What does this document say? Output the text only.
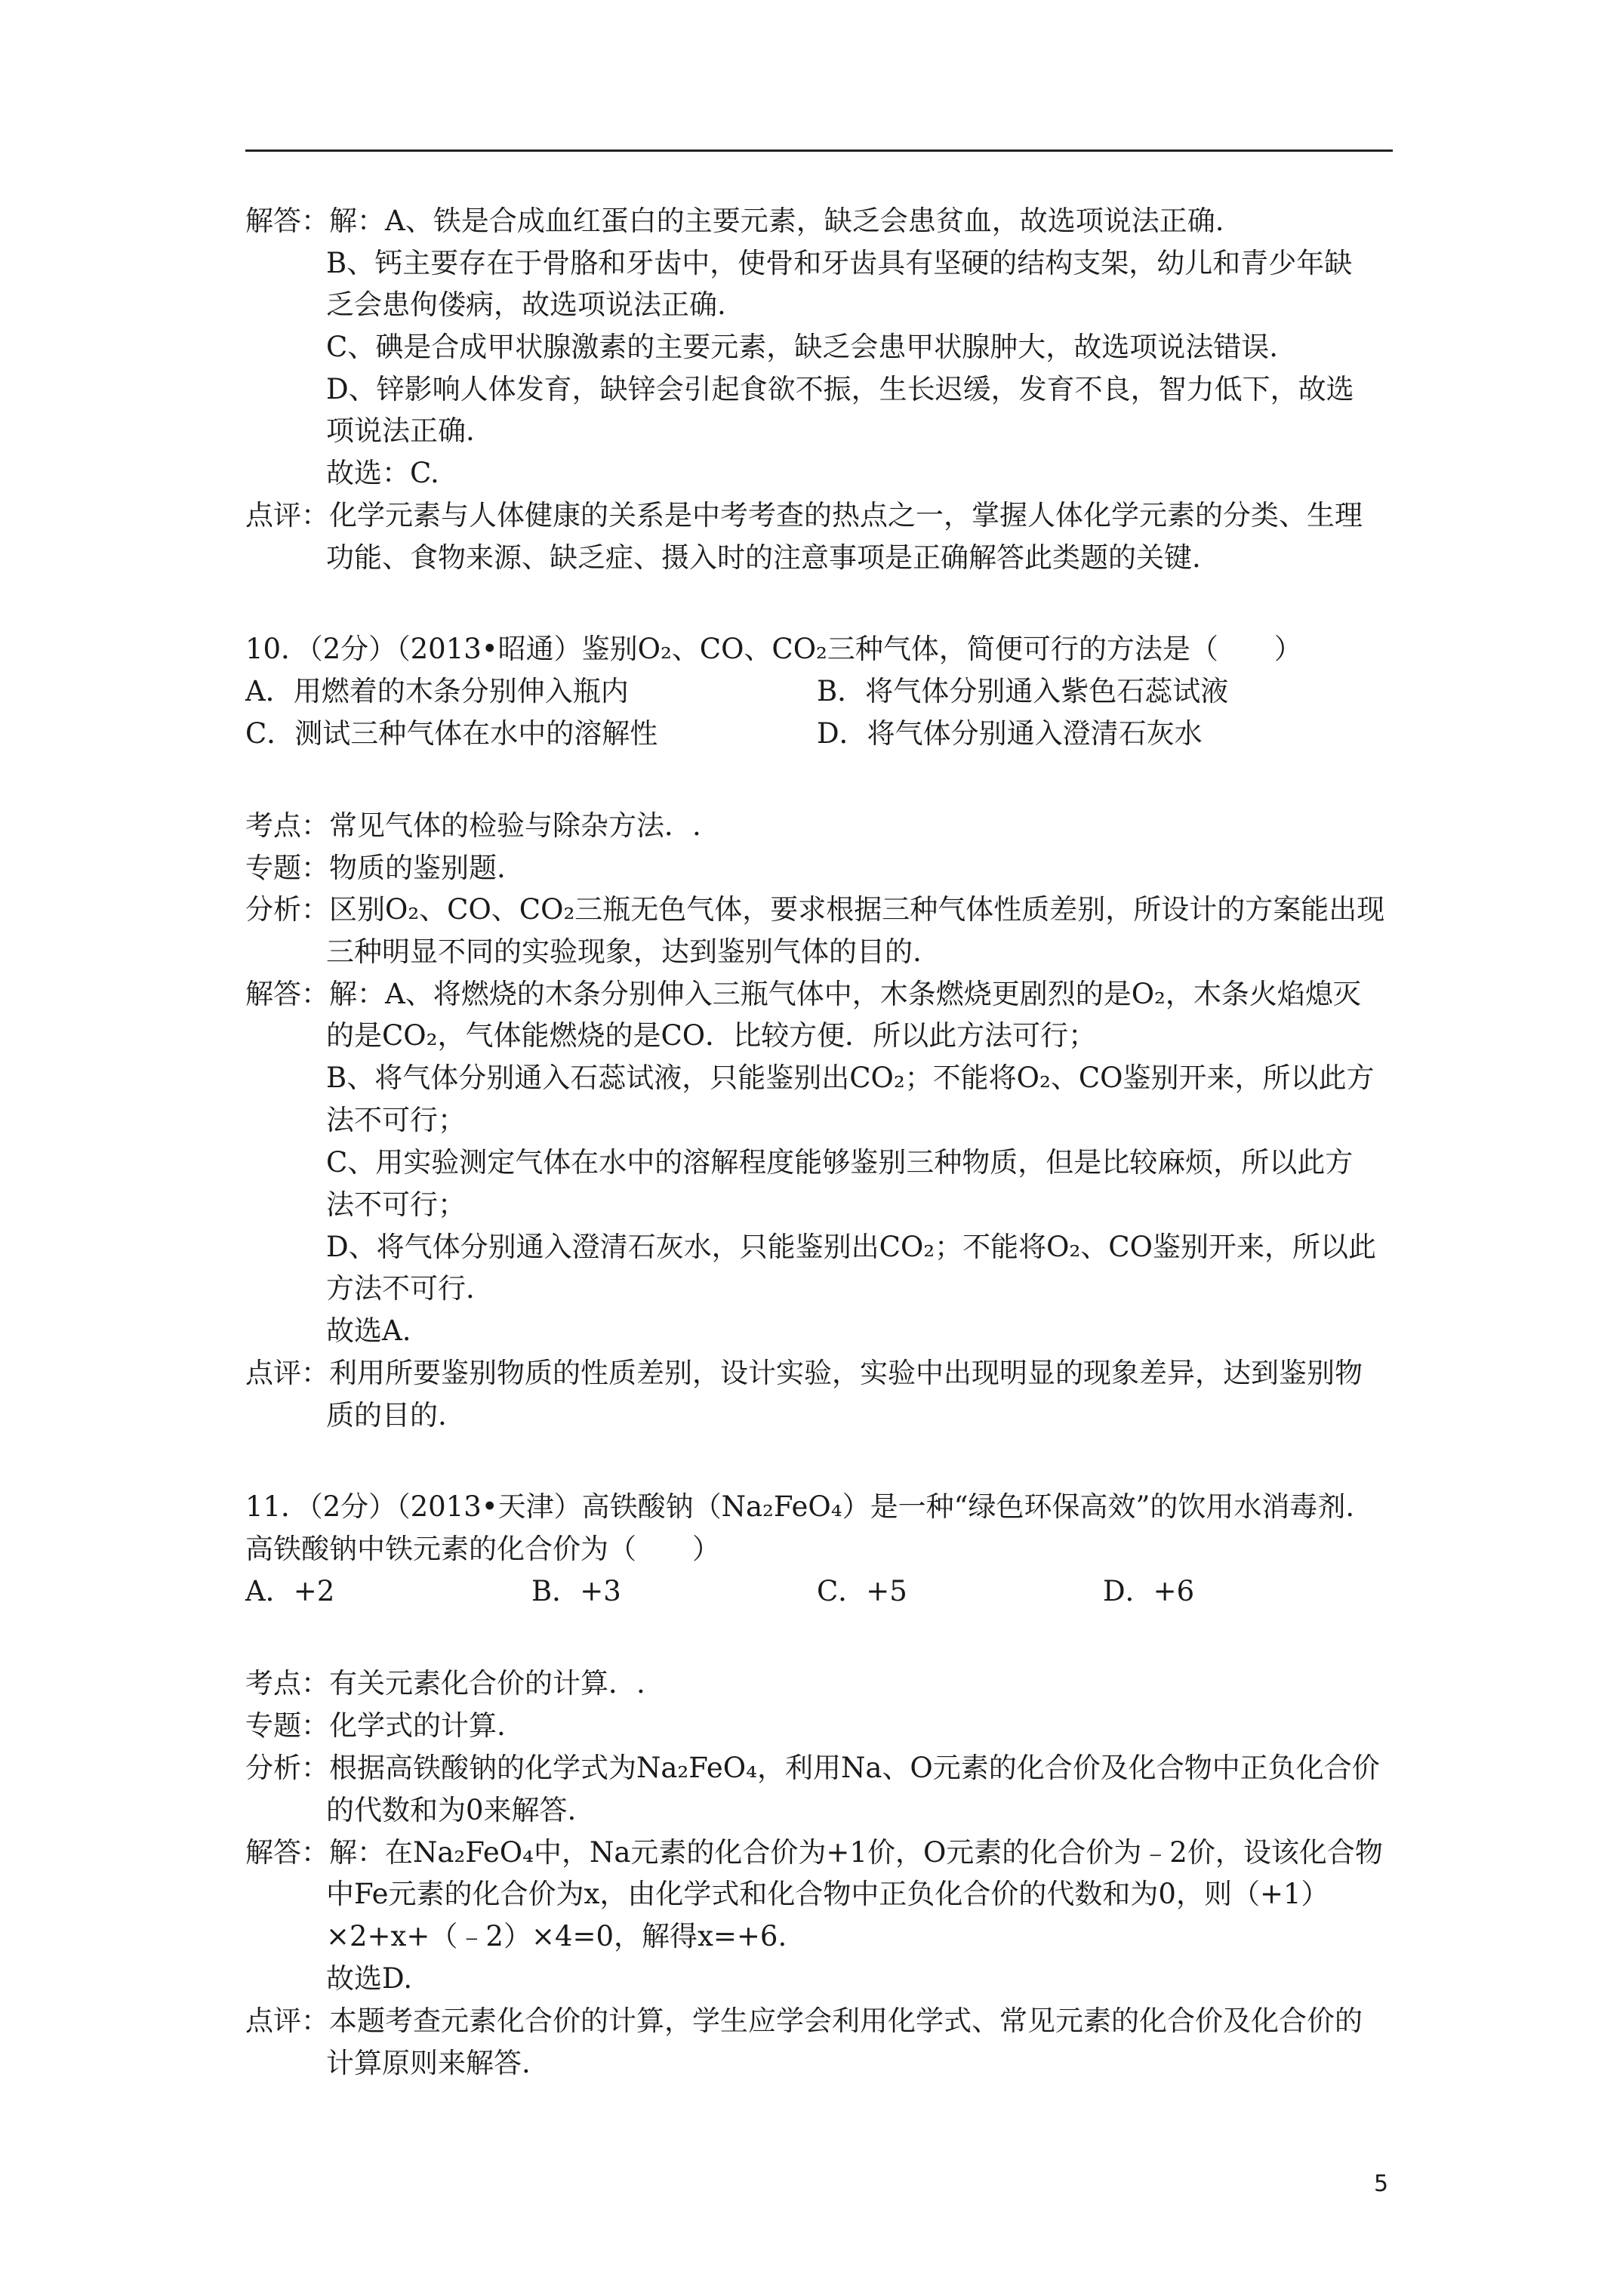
解答：解：A、铁是合成血红蛋白的主要元素，缺乏会患贫血，故选项说法正确.
B、钙主要存在于骨胳和牙齿中，使骨和牙齿具有坚硬的结构支架，幼儿和青少年缺
乏会患佝偻病，故选项说法正确.
C、碘是合成甲状腺激素的主要元素，缺乏会患甲状腺肿大，故选项说法错误.
D、锌影响人体发育，缺锌会引起食欲不振，生长迟缓，发育不良，智力低下，故选
项说法正确.
故选：C.
点评：化学元素与人体健康的关系是中考考查的热点之一，掌握人体化学元素的分类、生理
功能、食物来源、缺乏症、摄入时的注意事项是正确解答此类题的关键.
10．（2分）（2013•昭通）鉴别O₂、CO、CO₂三种气体，简便可行的方法是（　　）
A．用燃着的木条分别伸入瓶内	B．将气体分别通入紫色石蕊试液
C．测试三种气体在水中的溶解性	D．将气体分别通入澄清石灰水
考点：常见气体的检验与除杂方法．.
专题：物质的鉴别题.
分析：区别O₂、CO、CO₂三瓶无色气体，要求根据三种气体性质差别，所设计的方案能出现
三种明显不同的实验现象，达到鉴别气体的目的.
解答：解：A、将燃烧的木条分别伸入三瓶气体中，木条燃烧更剧烈的是O₂，木条火焰熄灭
的是CO₂，气体能燃烧的是CO．比较方便．所以此方法可行；
B、将气体分别通入石蕊试液，只能鉴别出CO₂；不能将O₂、CO鉴别开来，所以此方
法不可行；
C、用实验测定气体在水中的溶解程度能够鉴别三种物质，但是比较麻烦，所以此方
法不可行；
D、将气体分别通入澄清石灰水，只能鉴别出CO₂；不能将O₂、CO鉴别开来，所以此
方法不可行.
故选A.
点评：利用所要鉴别物质的性质差别，设计实验，实验中出现明显的现象差异，达到鉴别物
质的目的.
11．（2分）（2013•天津）高铁酸钠（Na₂FeO₄）是一种“绿色环保高效”的饮用水消毒剂.
高铁酸钠中铁元素的化合价为（　　）
A．+2	B．+3	C．+5	D．+6
考点：有关元素化合价的计算．.
专题：化学式的计算.
分析：根据高铁酸钠的化学式为Na₂FeO₄，利用Na、O元素的化合价及化合物中正负化合价
的代数和为0来解答.
解答：解：在Na₂FeO₄中，Na元素的化合价为+1价，O元素的化合价为﹣2价，设该化合物
中Fe元素的化合价为x，由化学式和化合物中正负化合价的代数和为0，则（+1）
×2+x+（﹣2）×4=0，解得x=+6.
故选D.
点评：本题考查元素化合价的计算，学生应学会利用化学式、常见元素的化合价及化合价的
计算原则来解答.
5
